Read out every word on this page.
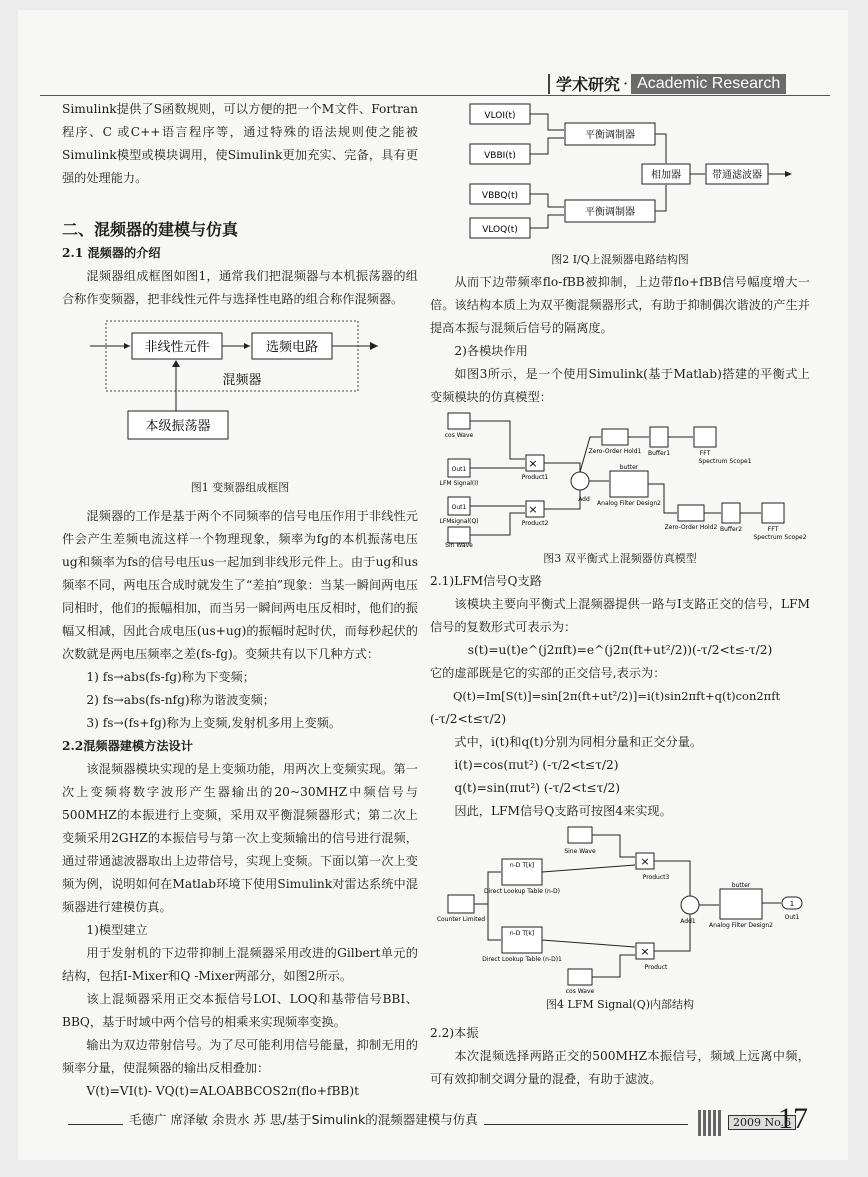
学术研究 · Academic Research

Simulink提供了S函数规则，可以方便的把一个M文件、Fortran程序、C 或C++语言程序等，通过特殊的语法规则使之能被Simulink模型或模块调用，使Simulink更加充实、完备，具有更强的处理能力。

二、混频器的建模与仿真

2.1 混频器的介绍

混频器组成框图如图1，通常我们把混频器与本机振荡器的组合称作变频器，把非线性元件与选择性电路的组合称作混频器。

非线性元件	选频电路
混频器
本级振荡器
图1 变频器组成框图

混频器的工作是基于两个不同频率的信号电压作用于非线性元件会产生差频电流这样一个物理现象，频率为fg的本机振荡电压ug和频率为fs的信号电压us一起加到非线形元件上。由于ug和us频率不同，两电压合成时就发生了“差拍”现象：当某一瞬间两电压同相时，他们的振幅相加，而当另一瞬间两电压反相时，他们的振幅又相减，因此合成电压(us+ug)的振幅时起时伏，而每秒起伏的次数就是两电压频率之差(fs-fg)。变频共有以下几种方式：

1) fs→abs(fs-fg)称为下变频；

2) fs→abs(fs-nfg)称为谐波变频；

3) fs→(fs+fg)称为上变频,发射机多用上变频。

2.2混频器建模方法设计

该混频器模块实现的是上变频功能，用两次上变频实现。第一次上变频将数字波形产生器输出的20~30MHZ中频信号与500MHZ的本振进行上变频，采用双平衡混频器形式；第二次上变频采用2GHZ的本振信号与第一次上变频输出的信号进行混频，通过带通滤波器取出上边带信号，实现上变频。下面以第一次上变频为例，说明如何在Matlab环境下使用Simulink对雷达系统中混频器进行建模仿真。

1)模型建立

用于发射机的下边带抑制上混频器采用改进的Gilbert单元的结构，包括I-Mixer和Q -Mixer两部分，如图2所示。

该上混频器采用正交本振信号LOI、LOQ和基带信号BBI、BBQ，基于时域中两个信号的相乘来实现频率变换。

输出为双边带射信号。为了尽可能利用信号能量，抑制无用的频率分量，使混频器的输出反相叠加：

V(t)=VI(t)- VQ(t)=ALOABBCOS2π(flo+fBB)t

VLOI(t)
VBBI(t)
VBBQ(t)
VLOQ(t)
平衡调制器
平衡调制器
相加器	带通滤波器
图2 I/Q上混频器电路结构图

从而下边带频率flo-fBB被抑制，上边带flo+fBB信号幅度增大一倍。该结构本质上为双平衡混频器形式，有助于抑制偶次谐波的产生并提高本振与混频后信号的隔离度。

2)各模块作用

如图3所示，是一个使用Simulink(基于Matlab)搭建的平衡式上变频模块的仿真模型：

×
×
Out1
Out1
cos Wave
LFM Signal(I)
LFMsignal(Q)
Sin Wave
Product1
Product2
Add
Zero-Order Hold1 Buffer1	FFT
Spectrum Scope1
Analog Filter Design2
butter
Zero-Order Hold2 Buffer2	FFT
Spectrum Scope2
图3 双平衡式上混频器仿真模型

2.1)LFM信号Q支路

该模块主要向平衡式上混频器提供一路与I支路正交的信号，LFM信号的复数形式可表示为：

s(t)=u(t)e^(j2πft)=e^(j2π(ft+ut²/2))(-τ/2<t≤-τ/2)

它的虚部既是它的实部的正交信号,表示为：

Q(t)=Im[S(t)]=sin[2π(ft+ut²/2)]=i(t)sin2πft+q(t)con2πft

(-τ/2<t≤τ/2)

式中，i(t)和q(t)分别为同相分量和正交分量。

i(t)=cos(πut²) (-τ/2<t≤τ/2)

q(t)=sin(πut²) (-τ/2<t≤τ/2)

因此，LFM信号Q支路可按图4来实现。

×
×
Sine Wave
n-D T[k]
Direct Lookup Table (n-D)
n-D T[k]
Direct Lookup Table (n-D)1
Counter Limited
Product3
Product
Add1
Analog Filter Design2
butter
1
Out1
cos Wave
图4 LFM Signal(Q)内部结构

2.2)本振

本次混频选择两路正交的500MHZ本振信号，频域上远离中频，可有效抑制交调分量的混叠，有助于滤波。

毛德广 席泽敏 余贵水 苏 思/基于Simulink的混频器建模与仿真	2009 No.6
17
